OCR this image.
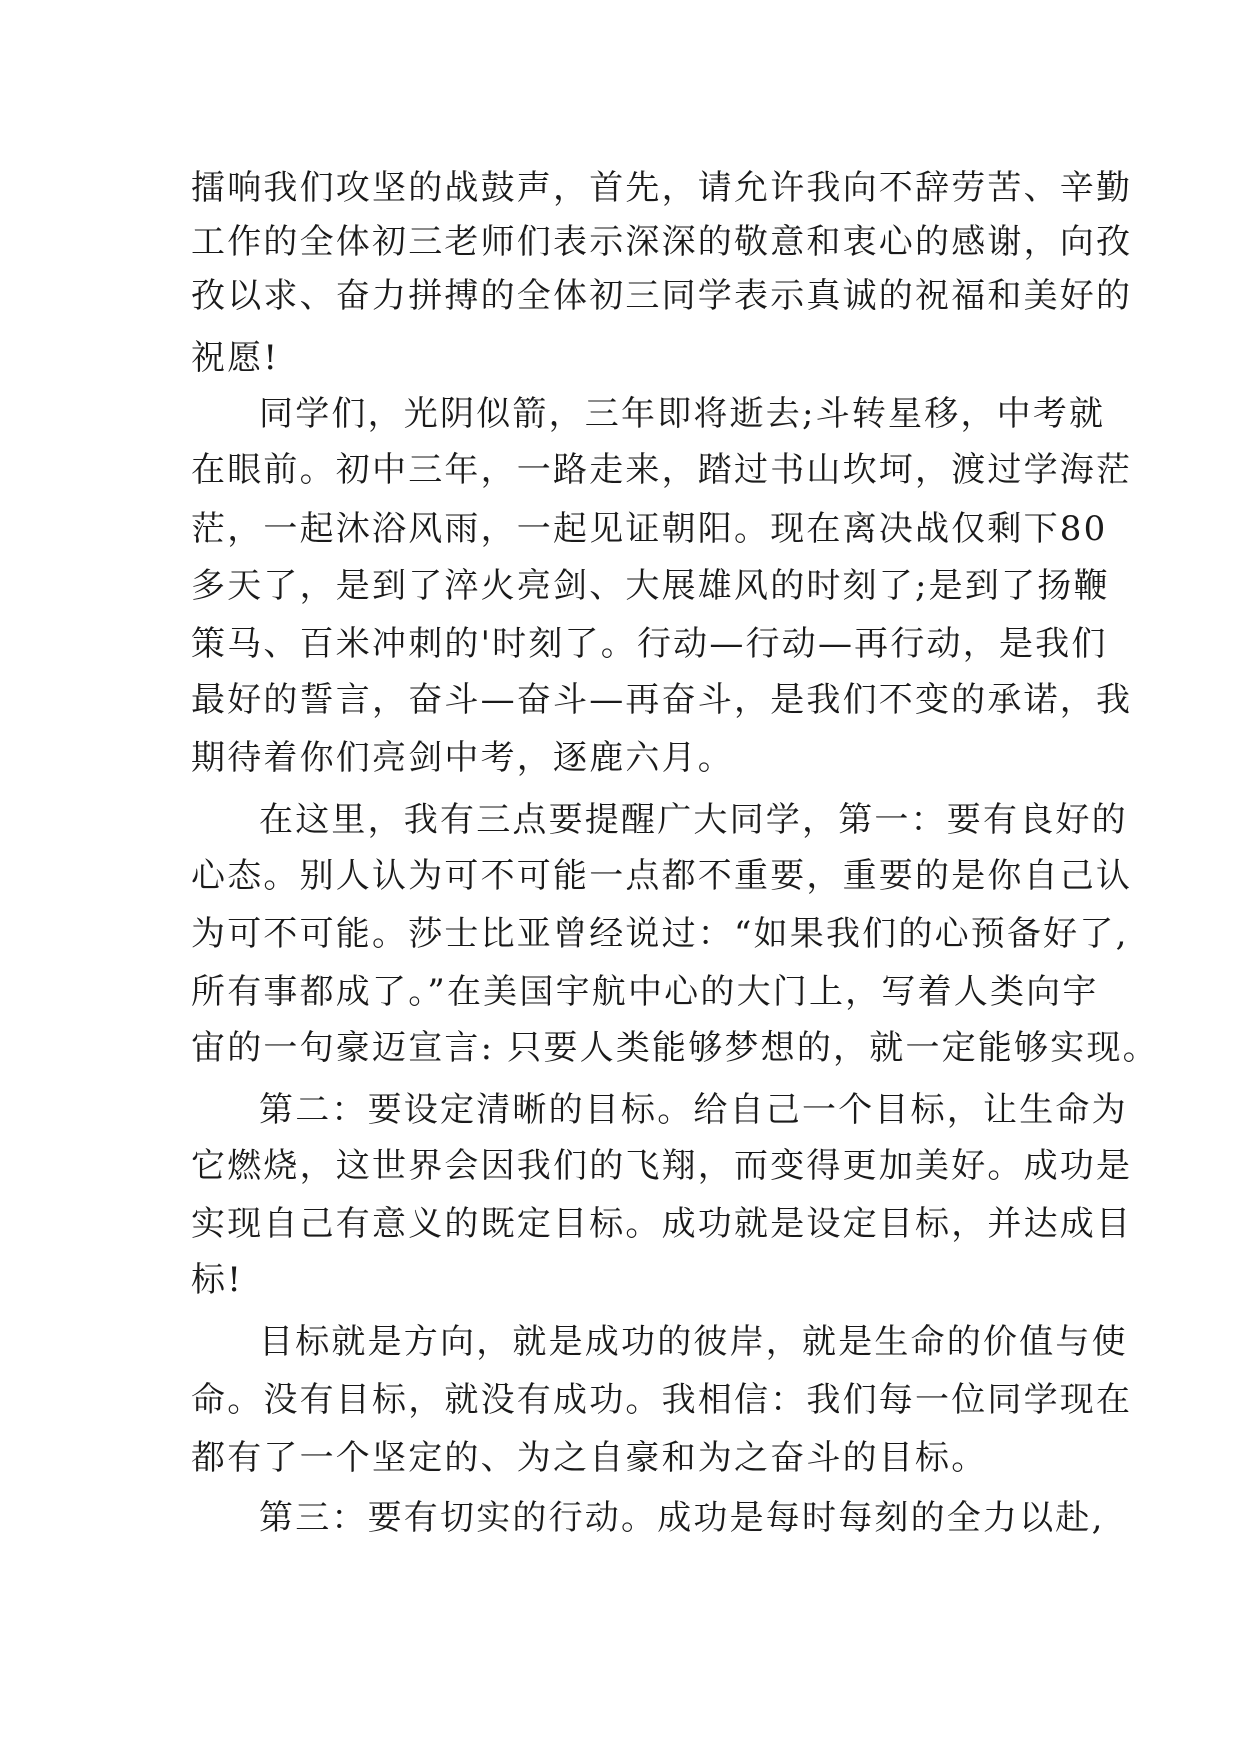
擂响我们攻坚的战鼓声，首先，请允许我向不辞劳苦、辛勤
工作的全体初三老师们表示深深的敬意和衷心的感谢，向孜
孜以求、奋力拼搏的全体初三同学表示真诚的祝福和美好的
祝愿!
同学们，光阴似箭，三年即将逝去;斗转星移，中考就
在眼前。初中三年，一路走来，踏过书山坎坷，渡过学海茫
茫，一起沐浴风雨，一起见证朝阳。现在离决战仅剩下80
多天了，是到了淬火亮剑、大展雄风的时刻了;是到了扬鞭
策马、百米冲刺的'时刻了。行动—行动—再行动，是我们
最好的誓言，奋斗—奋斗—再奋斗，是我们不变的承诺，我
期待着你们亮剑中考，逐鹿六月。
在这里，我有三点要提醒广大同学，第一：要有良好的
心态。别人认为可不可能一点都不重要，重要的是你自己认
为可不可能。莎士比亚曾经说过：“如果我们的心预备好了,
所有事都成了。”在美国宇航中心的大门上，写着人类向宇
宙的一句豪迈宣言: 只要人类能够梦想的，就一定能够实现。
第二：要设定清晰的目标。给自己一个目标，让生命为
它燃烧，这世界会因我们的飞翔，而变得更加美好。成功是
实现自己有意义的既定目标。成功就是设定目标，并达成目
标!
目标就是方向，就是成功的彼岸，就是生命的价值与使
命。没有目标，就没有成功。我相信：我们每一位同学现在
都有了一个坚定的、为之自豪和为之奋斗的目标。
第三：要有切实的行动。成功是每时每刻的全力以赴,
